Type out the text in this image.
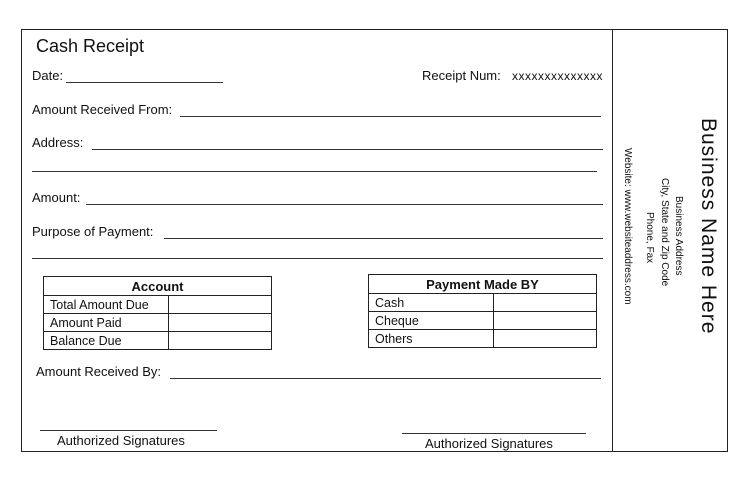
Cash Receipt
Date:	Receipt Num: xxxxxxxxxxxxxx
Amount Received From:
Address:
Amount:
Purpose of Payment:
Account	
Total Amount Due	
Amount Paid	
Balance Due	
Payment Made BY	
Cash	
Cheque	
Others	
Amount Received By:
Authorized Signatures	Authorized Signatures
Business Name Here
Business Address
City, State and Zip Code
Phone, Fax
Website: www.websiteaddress.com
